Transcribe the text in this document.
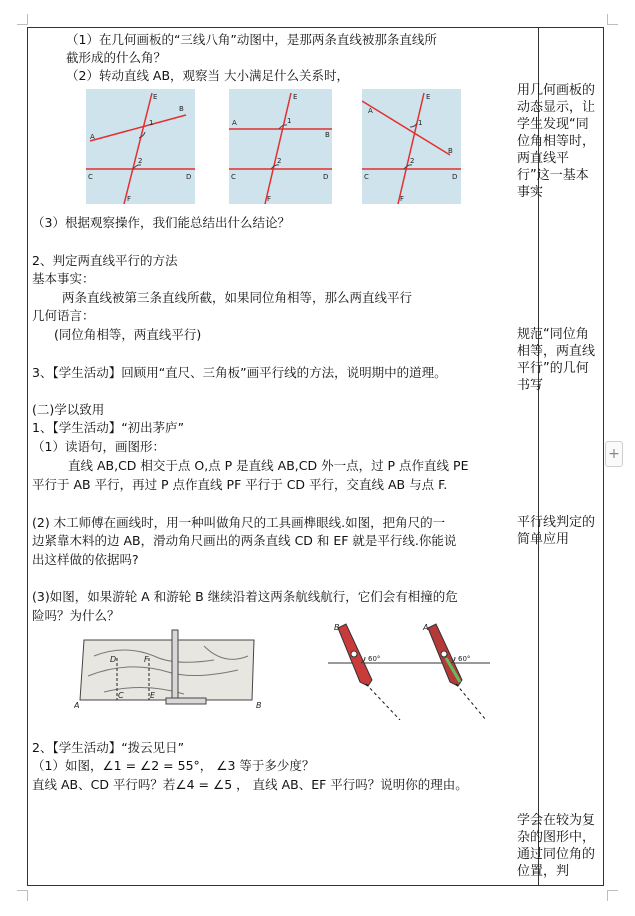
（1）在几何画板的“三线八角”动图中，是那两条直线被那条直线所
截形成的什么角？
（2）转动直线 AB，观察当 大小满足什么关系时，
A
B
C	D
E
F
1
2
A
B
C	D
E
F
1
2
A
B
C	D
E
F
1
2
（3）根据观察操作，我们能总结出什么结论？
2、判定两直线平行的方法
基本事实：
两条直线被第三条直线所截，如果同位角相等，那么两直线平行
几何语言：
(同位角相等，两直线平行)
3、【学生活动】回顾用“直尺、三角板”画平行线的方法，说明期中的道理。
(二)学以致用
1、【学生活动】“初出茅庐”
（1）读语句，画图形：
直线 AB,CD 相交于点 O,点 P 是直线 AB,CD 外一点，过 P 点作直线 PE
平行于 AB 平行，再过 P 点作直线 PF 平行于 CD 平行，交直线 AB 与点 F.
(2) 木工师傅在画线时，用一种叫做角尺的工具画榫眼线.如图，把角尺的一
边紧靠木料的边 AB，滑动角尺画出的两条直线 CD 和 EF 就是平行线.你能说
出这样做的依据吗?
(3)如图，如果游轮 A 和游轮 B 继续沿着这两条航线航行，它们会有相撞的危
险吗？为什么？
D	F
C	E
A	B
B	A
60°	60°
2、【学生活动】“拨云见日”
（1）如图，∠1 = ∠2 = 55°， ∠3 等于多少度？
直线 AB、CD 平行吗？若∠4 = ∠5 ， 直线 AB、EF 平行吗？说明你的理由。
用几何画板的动态显示，让学生发现“同位角相等时，两直线平行”这一基本事实
规范“同位角相等，两直线平行”的几何书写
平行线判定的简单应用
学会在较为复杂的图形中，通过同位角的位置，判
+
